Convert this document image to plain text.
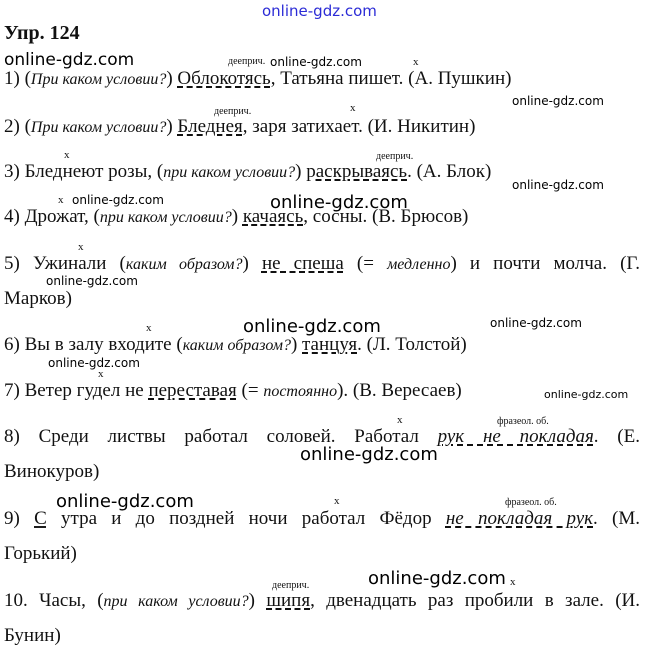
online-gdz.com
online-gdz.com	online-gdz.com
online-gdz.com
online-gdz.com
online-gdz.com	online-gdz.com
online-gdz.com
online-gdz.com	online-gdz.com
online-gdz.com
online-gdz.com
online-gdz.com
online-gdz.com
online-gdz.com
Упр. 124
дееприч.	x
дееприч.	x
x	дееприч.
x
x
x
x
x	фразеол. об.
x	фразеол. об.
дееприч.	x
1) (При каком условии?) Облокотясь, Татьяна пишет. (А. Пушкин)
2) (При каком условии?) Бледнея, заря затихает. (И. Никитин)
3) Бледнеют розы, (при каком условии?) раскрываясь. (А. Блок)
4) Дрожат, (при каком условии?) качаясь, сосны. (В. Брюсов)
5) Ужинали (каким образом?) не спеша (= медленно) и почти молча. (Г.
Марков)
6) Вы в залу входите (каким образом?) танцуя. (Л. Толстой)
7) Ветер гудел не переставая (= постоянно). (В. Вересаев)
8) Среди листвы работал соловей. Работал рук не покладая. (Е.
Винокуров)
9) С утра и до поздней ночи работал Фёдор не покладая рук. (М.
Горький)
10. Часы, (при каком условии?) шипя, двенадцать раз пробили в зале. (И.
Бунин)
